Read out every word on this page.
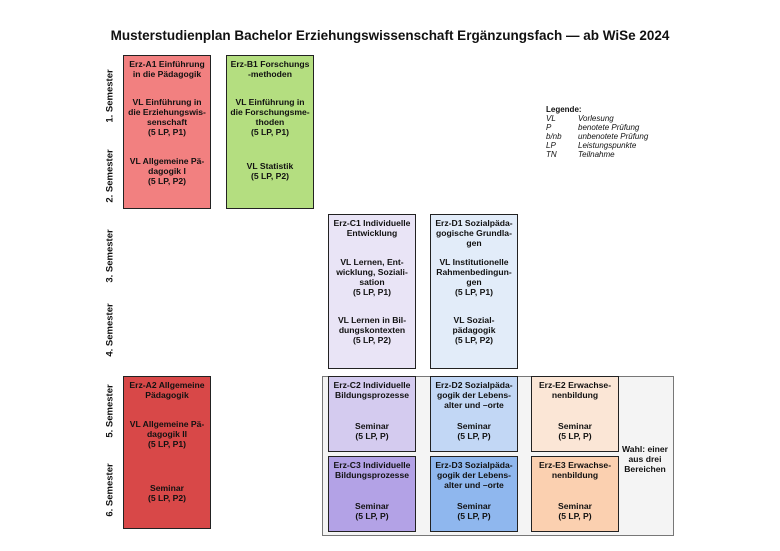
Musterstudienplan Bachelor Erziehungswissenschaft Ergänzungsfach — ab WiSe 2024
1. Semester
2. Semester
3. Semester
4. Semester
5. Semester
6. Semester
Legende:
VL	Vorlesung
P	benotete Prüfung
b/nb	unbenotete Prüfung
LP	Leistungspunkte
TN	Teilnahme
Wahl: einer
aus drei
Bereichen
Erz-A1 Einführung
in die Pädagogik
VL Einführung in
die Erziehungswis-
senschaft
(5 LP, P1)
VL Allgemeine Pä-
dagogik I
(5 LP, P2)
Erz-B1 Forschungs
-methoden
VL Einführung in
die Forschungsme-
thoden
(5 LP, P1)
VL Statistik
(5 LP, P2)
Erz-C1 Individuelle
Entwicklung
VL Lernen, Ent-
wicklung, Soziali-
sation
(5 LP, P1)
VL Lernen in Bil-
dungskontexten
(5 LP, P2)
Erz-D1 Sozialpäda-
gogische Grundla-
gen
VL Institutionelle
Rahmenbedingun-
gen
(5 LP, P1)
VL Sozial-
pädagogik
(5 LP, P2)
Erz-A2 Allgemeine
Pädagogik
VL Allgemeine Pä-
dagogik II
(5 LP, P1)
Seminar
(5 LP, P2)
Erz-C2 Individuelle
Bildungsprozesse
Seminar
(5 LP, P)
Erz-D2 Sozialpäda-
gogik der Lebens-
alter und –orte
Seminar
(5 LP, P)
Erz-E2 Erwachse-
nenbildung
Seminar
(5 LP, P)
Erz-C3 Individuelle
Bildungsprozesse
Seminar
(5 LP, P)
Erz-D3 Sozialpäda-
gogik der Lebens-
alter und –orte
Seminar
(5 LP, P)
Erz-E3 Erwachse-
nenbildung
Seminar
(5 LP, P)
